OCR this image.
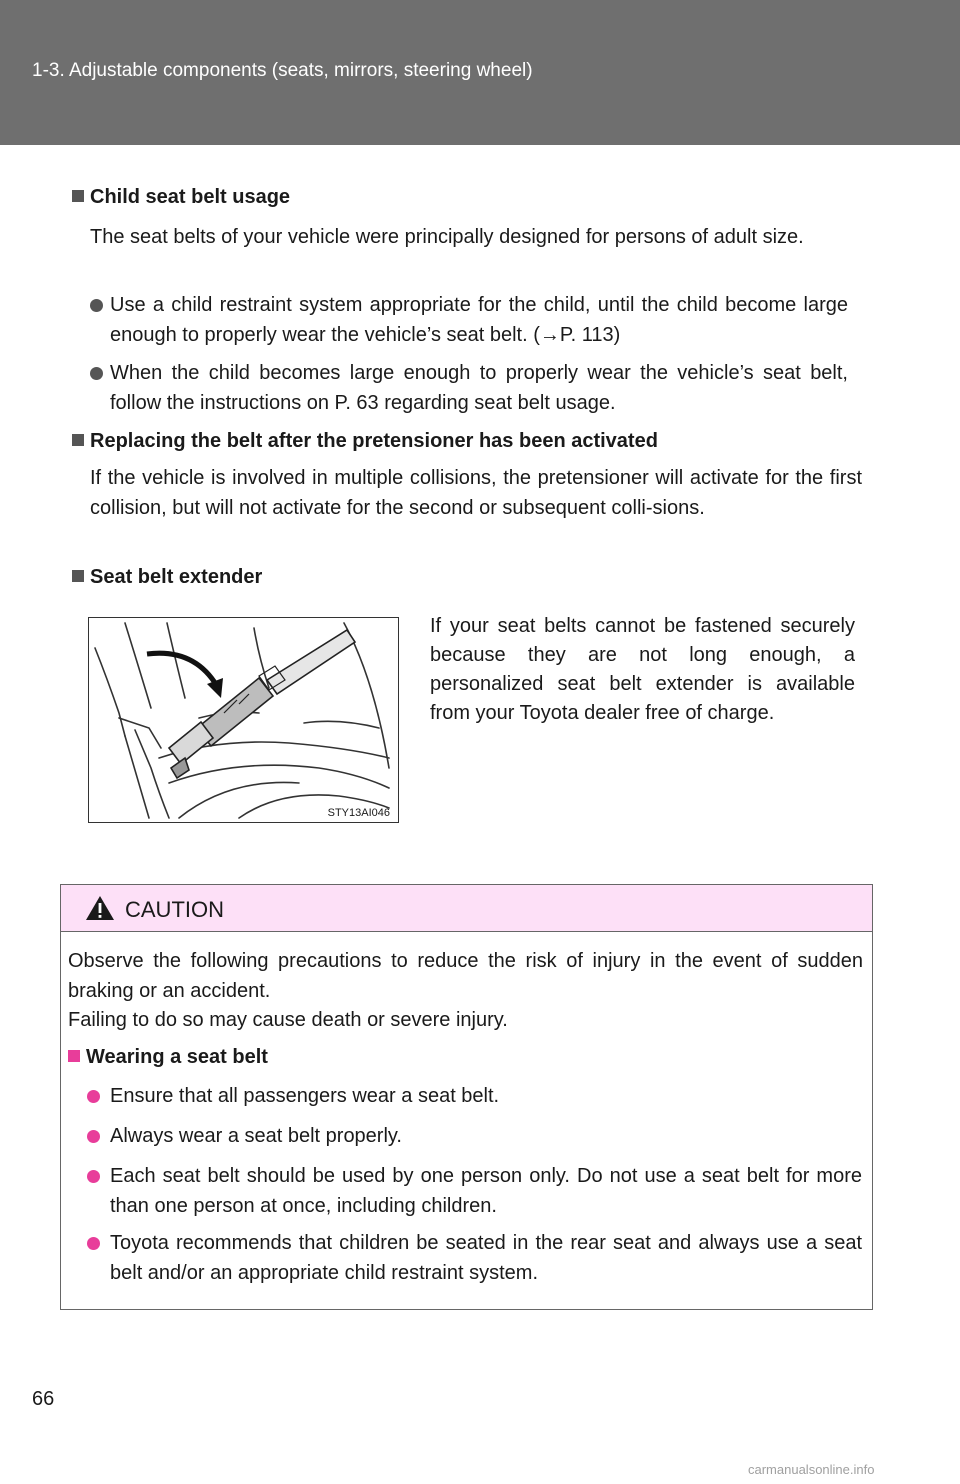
1-3. Adjustable components (seats, mirrors, steering wheel)
Child seat belt usage
The seat belts of your vehicle were principally designed for persons of adult size.
Use a child restraint system appropriate for the child, until the child become large enough to properly wear the vehicle’s seat belt. (→P. 113)
When the child becomes large enough to properly wear the vehicle’s seat belt, follow the instructions on P. 63 regarding seat belt usage.
Replacing the belt after the pretensioner has been activated
If the vehicle is involved in multiple collisions, the pretensioner will activate for the first collision, but will not activate for the second or subsequent colli-sions.
Seat belt extender
STY13AI046
If your seat belts cannot be fastened securely because they are not long enough, a personalized seat belt extender is available from your Toyota dealer free of charge.
CAUTION
Observe the following precautions to reduce the risk of injury in the event of sudden braking or an accident.
Failing to do so may cause death or severe injury.
Wearing a seat belt
Ensure that all passengers wear a seat belt.
Always wear a seat belt properly.
Each seat belt should be used by one person only. Do not use a seat belt for more than one person at once, including children.
Toyota recommends that children be seated in the rear seat and always use a seat belt and/or an appropriate child restraint system.
66
carmanualsonline.info
